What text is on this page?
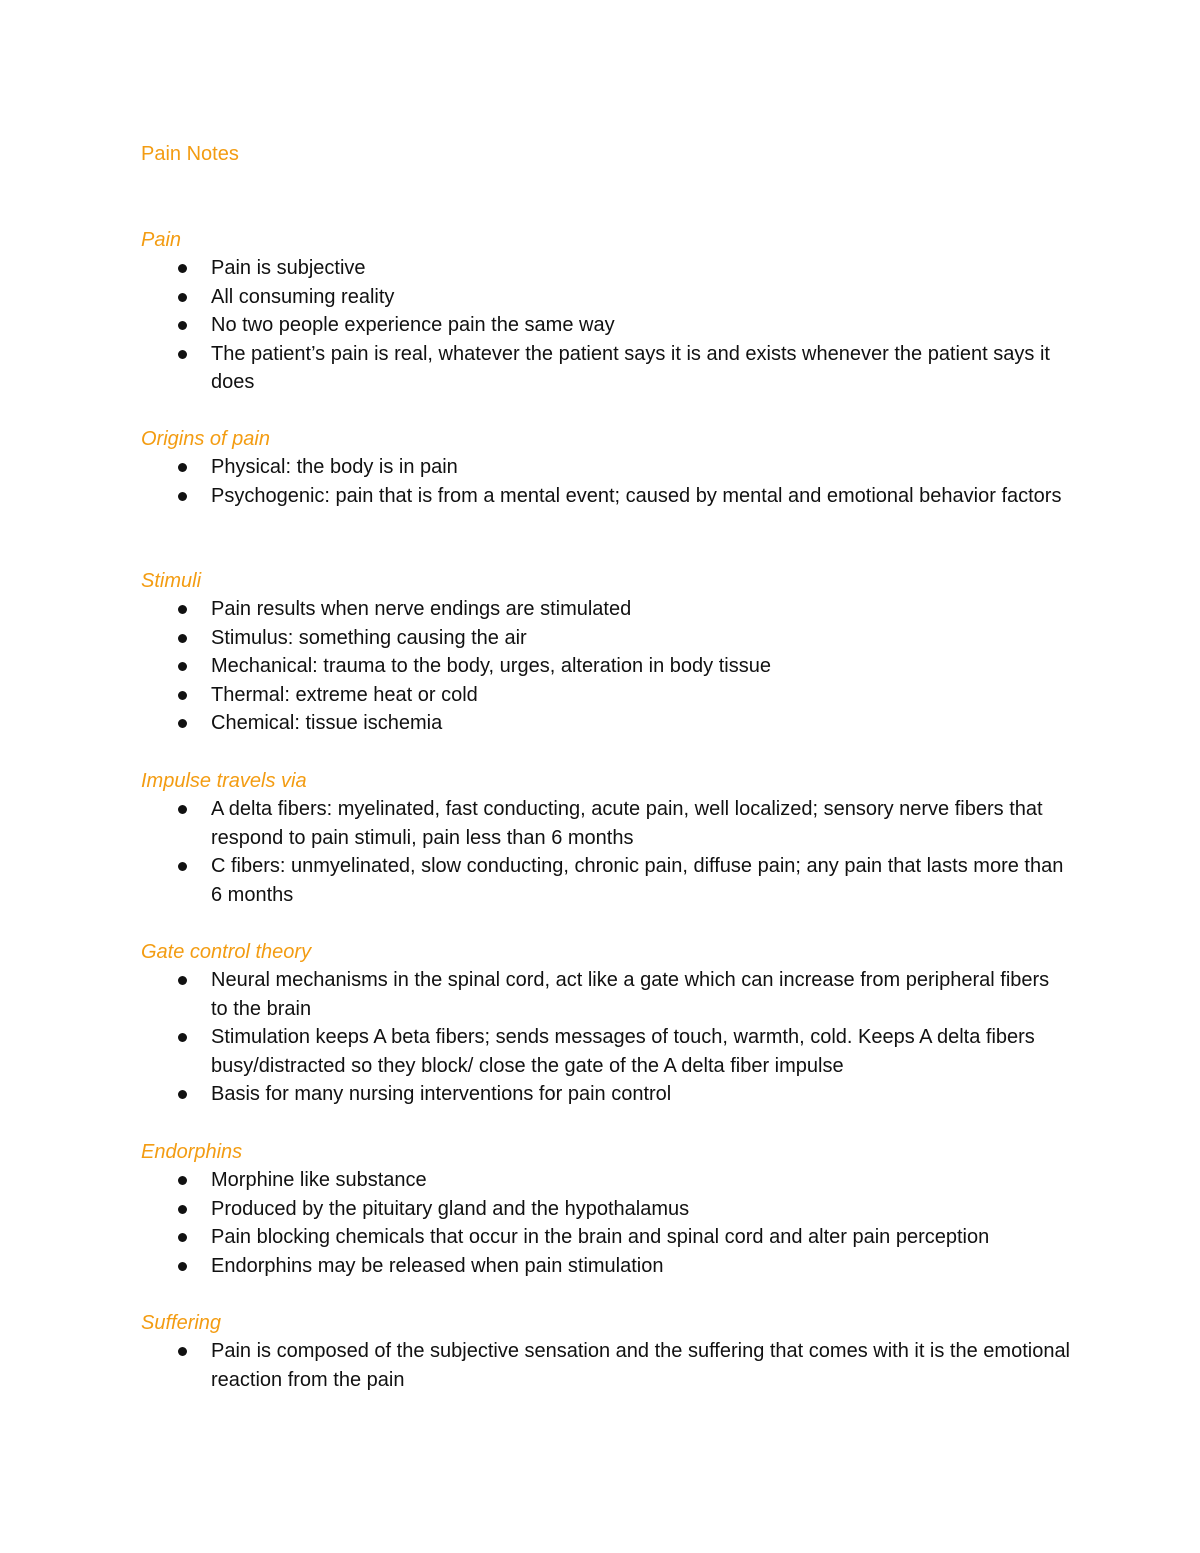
Pain Notes
Pain
Pain is subjective
All consuming reality
No two people experience pain the same way
The patient’s pain is real, whatever the patient says it is and exists whenever the patient says it does
Origins of pain
Physical: the body is in pain
Psychogenic: pain that is from a mental event; caused by mental and emotional behavior factors
Stimuli
Pain results when nerve endings are stimulated
Stimulus: something causing the air
Mechanical: trauma to the body, urges, alteration in body tissue
Thermal: extreme heat or cold
Chemical: tissue ischemia
Impulse travels via
A delta fibers: myelinated, fast conducting, acute pain, well localized; sensory nerve fibers that respond to pain stimuli, pain less than 6 months
C fibers: unmyelinated, slow conducting, chronic pain, diffuse pain; any pain that lasts more than 6 months
Gate control theory
Neural mechanisms in the spinal cord, act like a gate which can increase from peripheral fibers to the brain
Stimulation keeps A beta fibers; sends messages of touch, warmth, cold. Keeps A delta fibers busy/distracted so they block/ close the gate of the A delta fiber impulse
Basis for many nursing interventions for pain control
Endorphins
Morphine like substance
Produced by the pituitary gland and the hypothalamus
Pain blocking chemicals that occur in the brain and spinal cord and alter pain perception
Endorphins may be released when pain stimulation
Suffering
Pain is composed of the subjective sensation and the suffering that comes with it is the emotional reaction from the pain
